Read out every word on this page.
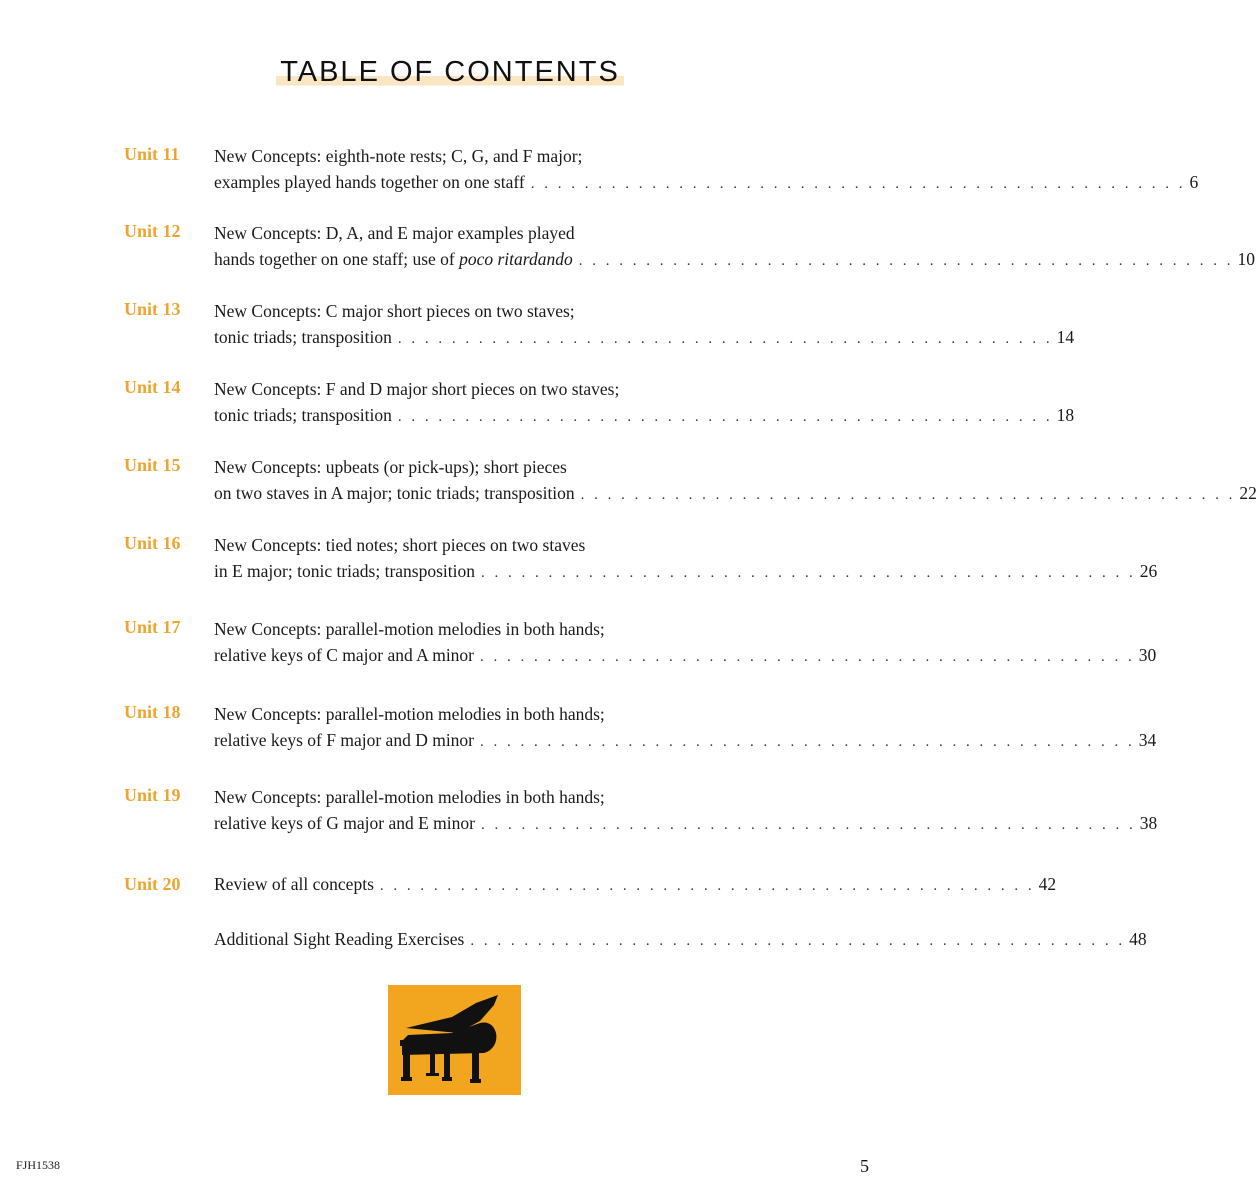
TABLE OF CONTENTS
Unit 11 New Concepts: eighth-note rests; C, G, and F major;
examples played hands together on one staff . . . . . . . . . . . . . . . . . . . . . . . . . . . . . . . . . . . . . . . . . . . . . . . . . 6
Unit 12 New Concepts: D, A, and E major examples played
hands together on one staff; use of poco ritardando . . . . . . . . . . . . . . . . . . . . . . . . . . . . . . . . . . . . . . . . . . . . . . . . . 10
Unit 13 New Concepts: C major short pieces on two staves;
tonic triads; transposition . . . . . . . . . . . . . . . . . . . . . . . . . . . . . . . . . . . . . . . . . . . . . . . . . 14
Unit 14 New Concepts: F and D major short pieces on two staves;
tonic triads; transposition . . . . . . . . . . . . . . . . . . . . . . . . . . . . . . . . . . . . . . . . . . . . . . . . . 18
Unit 15 New Concepts: upbeats (or pick-ups); short pieces
on two staves in A major; tonic triads; transposition . . . . . . . . . . . . . . . . . . . . . . . . . . . . . . . . . . . . . . . . . . . . . . . . . 22
Unit 16 New Concepts: tied notes; short pieces on two staves
in E major; tonic triads; transposition . . . . . . . . . . . . . . . . . . . . . . . . . . . . . . . . . . . . . . . . . . . . . . . . . 26
Unit 17 New Concepts: parallel-motion melodies in both hands;
relative keys of C major and A minor . . . . . . . . . . . . . . . . . . . . . . . . . . . . . . . . . . . . . . . . . . . . . . . . . 30
Unit 18 New Concepts: parallel-motion melodies in both hands;
relative keys of F major and D minor . . . . . . . . . . . . . . . . . . . . . . . . . . . . . . . . . . . . . . . . . . . . . . . . . 34
Unit 19 New Concepts: parallel-motion melodies in both hands;
relative keys of G major and E minor . . . . . . . . . . . . . . . . . . . . . . . . . . . . . . . . . . . . . . . . . . . . . . . . . 38
Unit 20 Review of all concepts . . . . . . . . . . . . . . . . . . . . . . . . . . . . . . . . . . . . . . . . . . . . . . . . . 42
Additional Sight Reading Exercises . . . . . . . . . . . . . . . . . . . . . . . . . . . . . . . . . . . . . . . . . . . . . . . . . 48
FJH1538	5
